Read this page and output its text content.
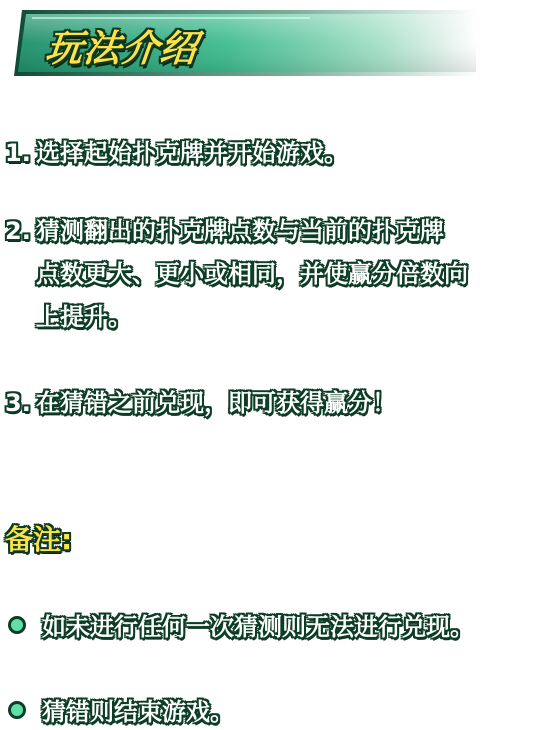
玩法介绍
1. 选择起始扑克牌并开始游戏。
2. 猜测翻出的扑克牌点数与当前的扑克牌
点数更大、更小或相同，并使赢分倍数向
上提升。
3. 在猜错之前兑现，即可获得赢分！
备注:
如未进行任何一次猜测则无法进行兑现。
猜错则结束游戏。
